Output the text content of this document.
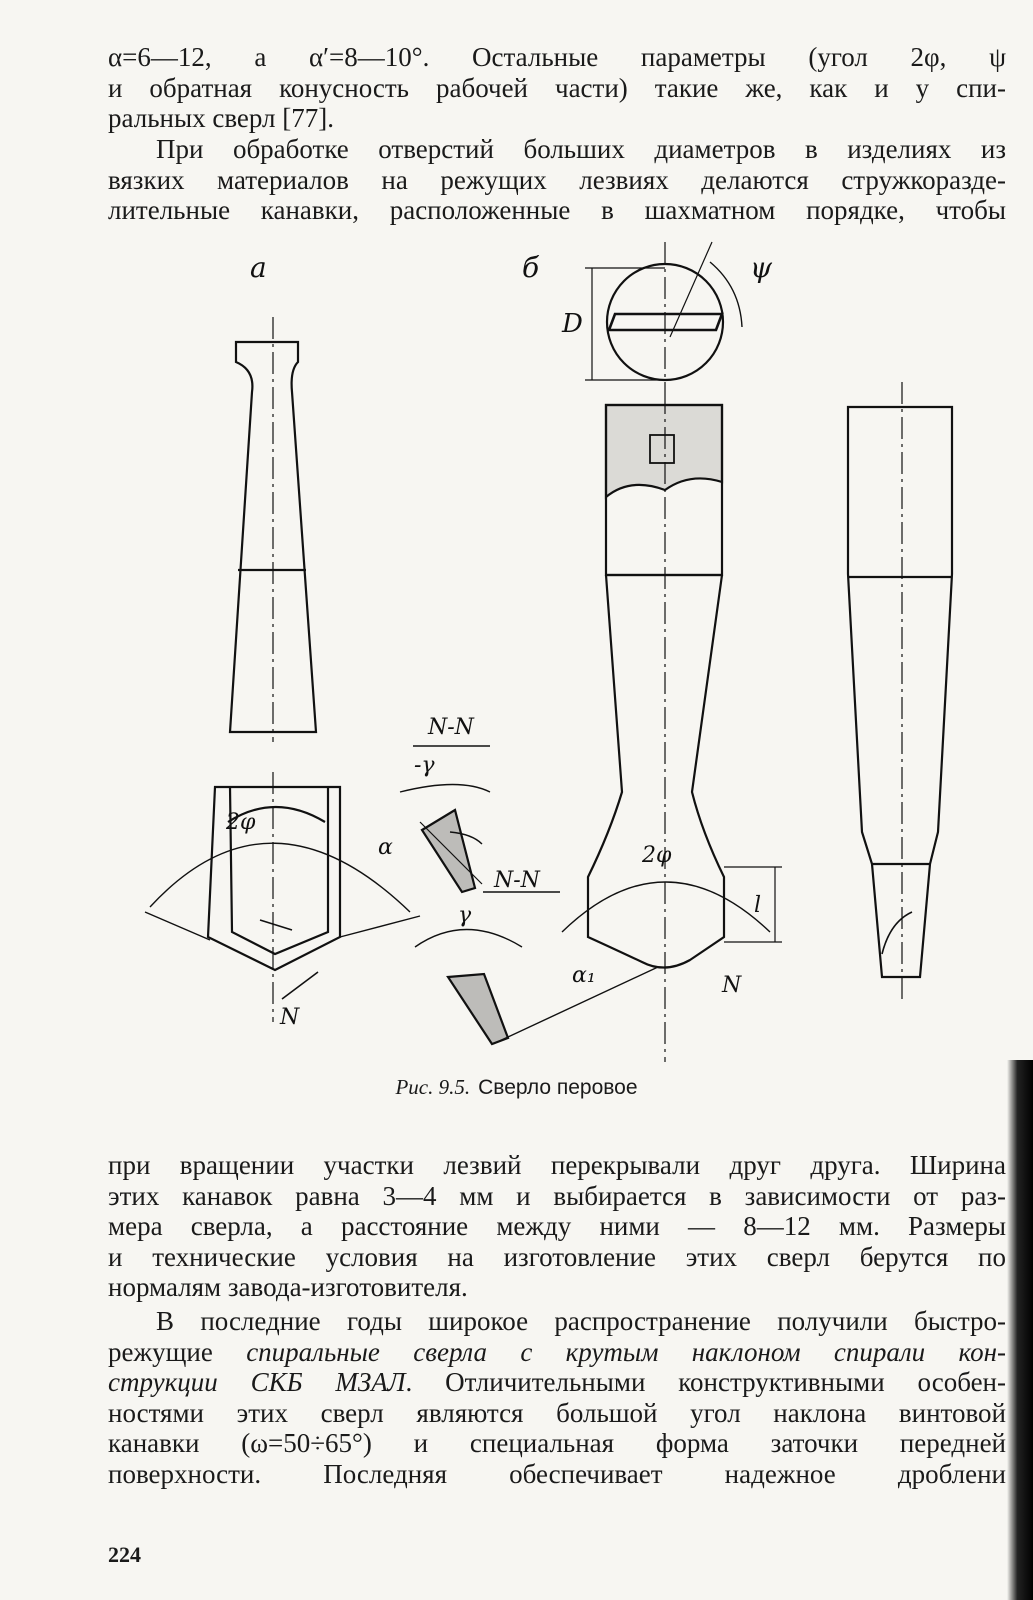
α=6—12, а α′=8—10°. Остальные параметры (угол 2φ, ψ
и обратная конусность рабочей части) такие же, как и у спи-
ральных сверл [77].
При обработке отверстий больших диаметров в изделиях из
вязких материалов на режущих лезвиях делаются стружкоразде-
лительные канавки, расположенные в шахматном порядке, чтобы
а	б
D
ψ
2φ
2φ
N-N
-γ
α
N-N
γ
α₁
N
N
l
Рис. 9.5. Сверло перовое
при вращении участки лезвий перекрывали друг друга. Ширина
этих канавок равна 3—4 мм и выбирается в зависимости от раз-
мера сверла, а расстояние между ними — 8—12 мм. Размеры
и технические условия на изготовление этих сверл берутся по
нормалям завода-изготовителя.
В последние годы широкое распространение получили быстро-
режущие спиральные сверла с крутым наклоном спирали кон-
струкции СКБ МЗАЛ. Отличительными конструктивными особен-
ностями этих сверл являются большой угол наклона винтовой
канавки (ω=50÷65°) и специальная форма заточки передней
поверхности. Последняя обеспечивает надежное дроблени
224
